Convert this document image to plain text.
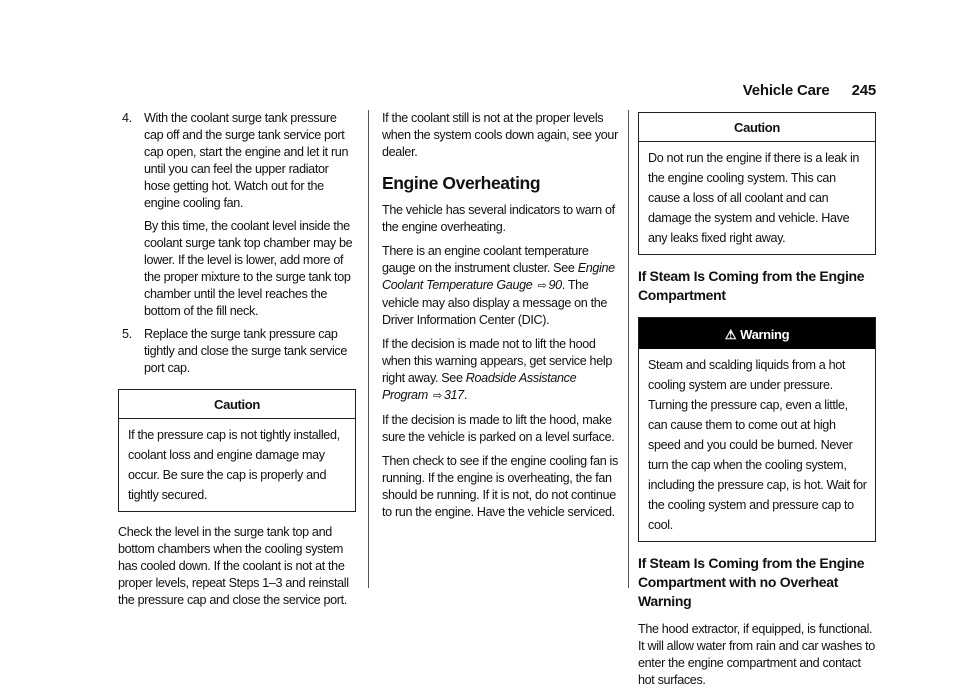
Vehicle Care 245
4. With the coolant surge tank pressure cap off and the surge tank service port cap open, start the engine and let it run until you can feel the upper radiator hose getting hot. Watch out for the engine cooling fan.

By this time, the coolant level inside the coolant surge tank top chamber may be lower. If the level is lower, add more of the proper mixture to the surge tank top chamber until the level reaches the bottom of the fill neck.

5. Replace the surge tank pressure cap tightly and close the surge tank service port cap.

Caution
If the pressure cap is not tightly installed, coolant loss and engine damage may occur. Be sure the cap is properly and tightly secured.

Check the level in the surge tank top and bottom chambers when the cooling system has cooled down. If the coolant is not at the proper levels, repeat Steps 1–3 and reinstall the pressure cap and close the service port.

If the coolant still is not at the proper levels when the system cools down again, see your dealer.

Engine Overheating

The vehicle has several indicators to warn of the engine overheating.

There is an engine coolant temperature gauge on the instrument cluster. See Engine Coolant Temperature Gauge ⇨ 90. The vehicle may also display a message on the Driver Information Center (DIC).

If the decision is made not to lift the hood when this warning appears, get service help right away. See Roadside Assistance Program ⇨ 317.

If the decision is made to lift the hood, make sure the vehicle is parked on a level surface.

Then check to see if the engine cooling fan is running. If the engine is overheating, the fan should be running. If it is not, do not continue to run the engine. Have the vehicle serviced.

Caution
Do not run the engine if there is a leak in the engine cooling system. This can cause a loss of all coolant and can damage the system and vehicle. Have any leaks fixed right away.
If Steam Is Coming from the Engine Compartment
⚠ Warning
Steam and scalding liquids from a hot cooling system are under pressure. Turning the pressure cap, even a little, can cause them to come out at high speed and you could be burned. Never turn the cap when the cooling system, including the pressure cap, is hot. Wait for the cooling system and pressure cap to cool.
If Steam Is Coming from the Engine Compartment with no Overheat Warning

The hood extractor, if equipped, is functional. It will allow water from rain and car washes to enter the engine compartment and contact hot surfaces.
